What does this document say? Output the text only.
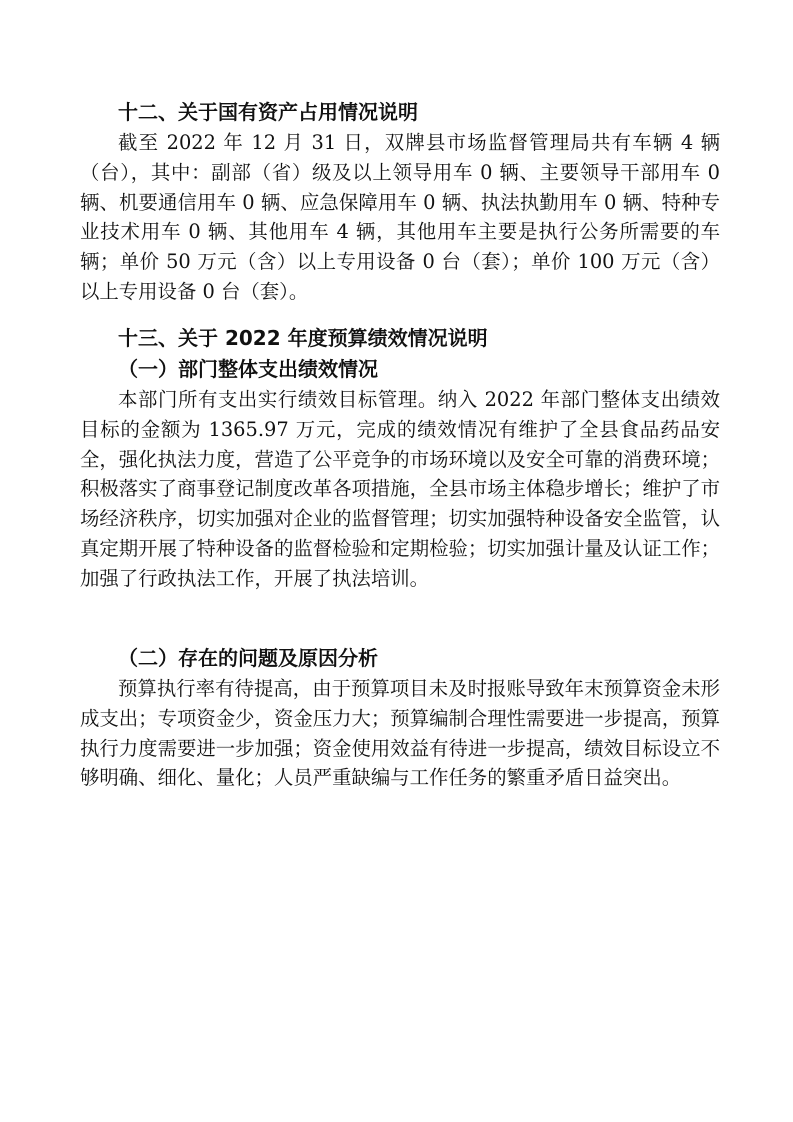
十二、关于国有资产占用情况说明

截至 2022 年 12 月 31 日，双牌县市场监督管理局共有车辆 4 辆（台），其中：副部（省）级及以上领导用车 0 辆、主要领导干部用车 0 辆、机要通信用车 0 辆、应急保障用车 0 辆、执法执勤用车 0 辆、特种专业技术用车 0 辆、其他用车 4 辆，其他用车主要是执行公务所需要的车辆；单价 50 万元（含）以上专用设备 0 台（套）；单价 100 万元（含）以上专用设备 0 台（套）。

十三、关于 2022 年度预算绩效情况说明
（一）部门整体支出绩效情况

本部门所有支出实行绩效目标管理。纳入 2022 年部门整体支出绩效目标的金额为 1365.97 万元，完成的绩效情况有维护了全县食品药品安全，强化执法力度，营造了公平竞争的市场环境以及安全可靠的消费环境；积极落实了商事登记制度改革各项措施，全县市场主体稳步增长；维护了市场经济秩序，切实加强对企业的监督管理；切实加强特种设备安全监管，认真定期开展了特种设备的监督检验和定期检验；切实加强计量及认证工作；加强了行政执法工作，开展了执法培训。

（二）存在的问题及原因分析

预算执行率有待提高，由于预算项目未及时报账导致年末预算资金未形成支出；专项资金少，资金压力大；预算编制合理性需要进一步提高，预算执行力度需要进一步加强；资金使用效益有待进一步提高，绩效目标设立不够明确、细化、量化；人员严重缺编与工作任务的繁重矛盾日益突出。
